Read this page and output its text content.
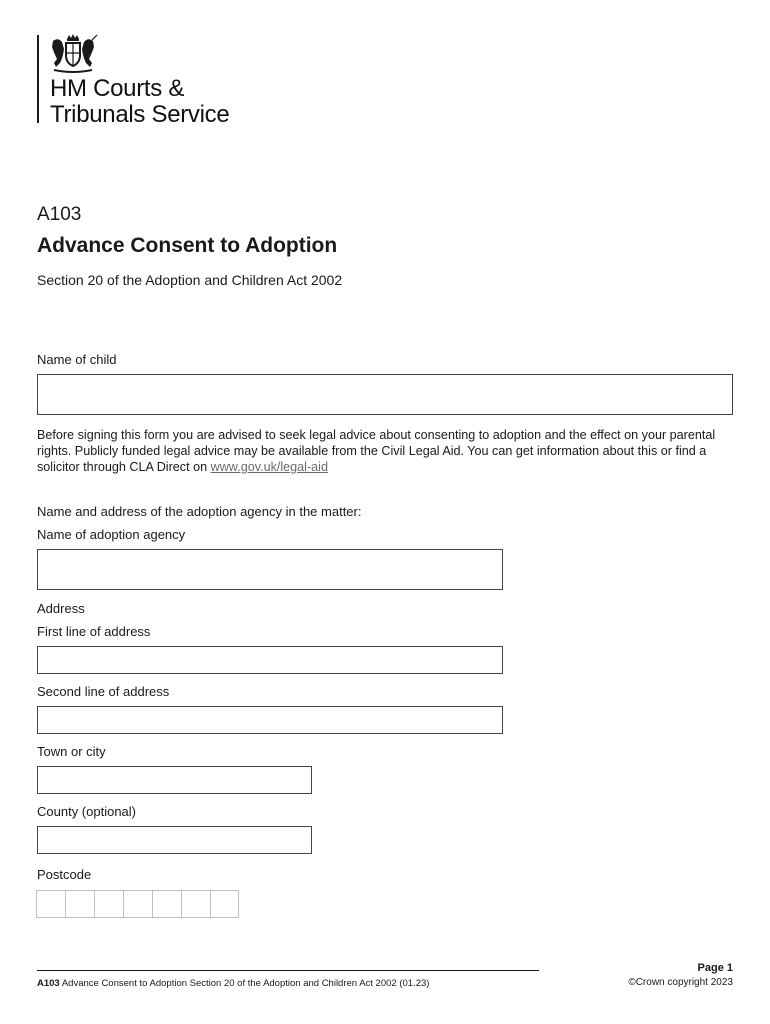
HM Courts &
Tribunals Service
A103
Advance Consent to Adoption
Section 20 of the Adoption and Children Act 2002
Name of child
Before signing this form you are advised to seek legal advice about consenting to adoption and the effect on your parental rights. Publicly funded legal advice may be available from the Civil Legal Aid. You can get information about this or find a solicitor through CLA Direct on www.gov.uk/legal-aid
Name and address of the adoption agency in the matter:
Name of adoption agency
Address
First line of address
Second line of address
Town or city
County (optional)
Postcode
A103 Advance Consent to Adoption Section 20 of the Adoption and Children Act 2002 (01.23)
Page 1
©Crown copyright 2023
